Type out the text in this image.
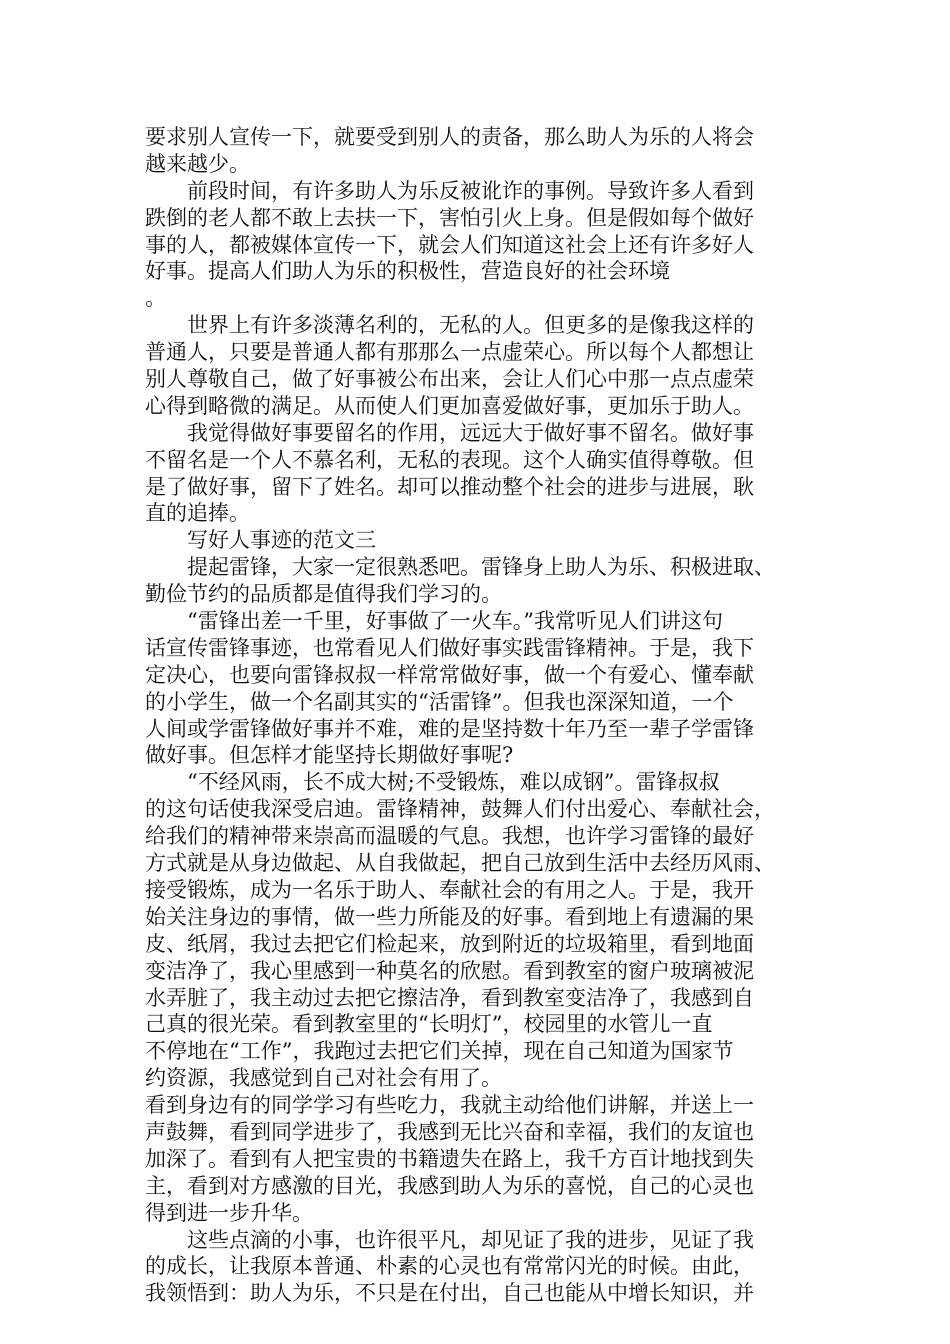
要求别人宣传一下，就要受到别人的责备，那么助人为乐的人将会
越来越少。
　　前段时间，有许多助人为乐反被讹诈的事例。导致许多人看到
跌倒的老人都不敢上去扶一下，害怕引火上身。但是假如每个做好
事的人，都被媒体宣传一下，就会人们知道这社会上还有许多好人
好事。提高人们助人为乐的积极性，营造良好的社会环境
。
　　世界上有许多淡薄名利的，无私的人。但更多的是像我这样的
普通人，只要是普通人都有那那么一点虚荣心。所以每个人都想让
别人尊敬自己，做了好事被公布出来，会让人们心中那一点点虚荣
心得到略微的满足。从而使人们更加喜爱做好事，更加乐于助人。
　　我觉得做好事要留名的作用，远远大于做好事不留名。做好事
不留名是一个人不慕名利，无私的表现。这个人确实值得尊敬。但
是了做好事，留下了姓名。却可以推动整个社会的进步与进展，耿
直的追捧。
　　写好人事迹的范文三
　　提起雷锋，大家一定很熟悉吧。雷锋身上助人为乐、积极进取、
勤俭节约的品质都是值得我们学习的。
　　“雷锋出差一千里，好事做了一火车。”我常听见人们讲这句
话宣传雷锋事迹，也常看见人们做好事实践雷锋精神。于是，我下
定决心，也要向雷锋叔叔一样常常做好事，做一个有爱心、懂奉献
的小学生，做一个名副其实的“活雷锋”。但我也深深知道，一个
人间或学雷锋做好事并不难，难的是坚持数十年乃至一辈子学雷锋
做好事。但怎样才能坚持长期做好事呢?
　　“不经风雨，长不成大树;不受锻炼，难以成钢”。雷锋叔叔
的这句话使我深受启迪。雷锋精神，鼓舞人们付出爱心、奉献社会，
给我们的精神带来崇高而温暖的气息。我想，也许学习雷锋的最好
方式就是从身边做起、从自我做起，把自己放到生活中去经历风雨、
接受锻炼，成为一名乐于助人、奉献社会的有用之人。于是，我开
始关注身边的事情，做一些力所能及的好事。看到地上有遗漏的果
皮、纸屑，我过去把它们检起来，放到附近的垃圾箱里，看到地面
变洁净了，我心里感到一种莫名的欣慰。看到教室的窗户玻璃被泥
水弄脏了，我主动过去把它擦洁净，看到教室变洁净了，我感到自
己真的很光荣。看到教室里的“长明灯”，校园里的水管儿一直
不停地在“工作”，我跑过去把它们关掉，现在自己知道为国家节
约资源，我感觉到自己对社会有用了。
看到身边有的同学学习有些吃力，我就主动给他们讲解，并送上一
声鼓舞，看到同学进步了，我感到无比兴奋和幸福，我们的友谊也
加深了。看到有人把宝贵的书籍遗失在路上，我千方百计地找到失
主，看到对方感激的目光，我感到助人为乐的喜悦，自己的心灵也
得到进一步升华。
　　这些点滴的小事，也许很平凡，却见证了我的进步，见证了我
的成长，让我原本普通、朴素的心灵也有常常闪光的时候。由此，
我领悟到：助人为乐，不只是在付出，自己也能从中增长知识，并
